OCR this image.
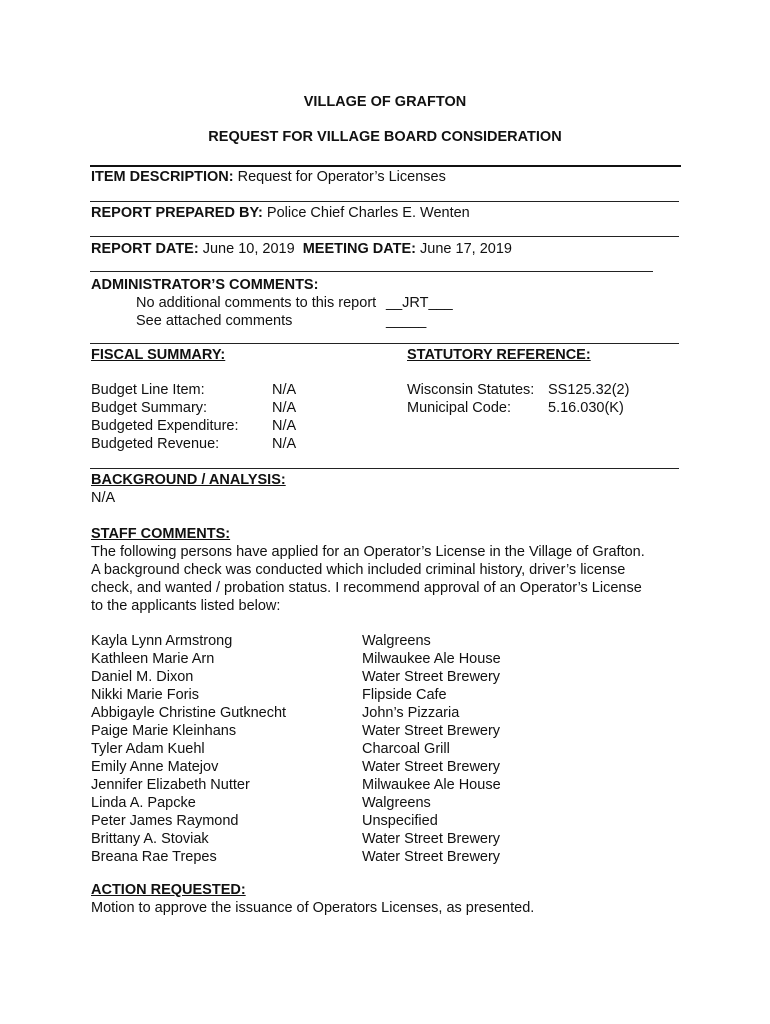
VILLAGE OF GRAFTON
REQUEST FOR VILLAGE BOARD CONSIDERATION
ITEM DESCRIPTION: Request for Operator’s Licenses
REPORT PREPARED BY: Police Chief Charles E. Wenten
REPORT DATE: June 10, 2019 MEETING DATE: June 17, 2019
ADMINISTRATOR’S COMMENTS:
No additional comments to this report __JRT___
See attached comments	_____
FISCAL SUMMARY:	STATUTORY REFERENCE:
Budget Line Item:
Budget Summary:
Budgeted Expenditure:
Budgeted Revenue:
N/A
N/A
N/A
N/A
Wisconsin Statutes:
Municipal Code:
SS125.32(2)
5.16.030(K)
BACKGROUND / ANALYSIS:
N/A
STAFF COMMENTS:
The following persons have applied for an Operator’s License in the Village of Grafton.
A background check was conducted which included criminal history, driver’s license
check, and wanted / probation status. I recommend approval of an Operator’s License
to the applicants listed below:
Kayla Lynn Armstrong
Kathleen Marie Arn
Daniel M. Dixon
Nikki Marie Foris
Abbigayle Christine Gutknecht
Paige Marie Kleinhans
Tyler Adam Kuehl
Emily Anne Matejov
Jennifer Elizabeth Nutter
Linda A. Papcke
Peter James Raymond
Brittany A. Stoviak
Breana Rae Trepes
Walgreens
Milwaukee Ale House
Water Street Brewery
Flipside Cafe
John’s Pizzaria
Water Street Brewery
Charcoal Grill
Water Street Brewery
Milwaukee Ale House
Walgreens
Unspecified
Water Street Brewery
Water Street Brewery
ACTION REQUESTED:
Motion to approve the issuance of Operators Licenses, as presented.
